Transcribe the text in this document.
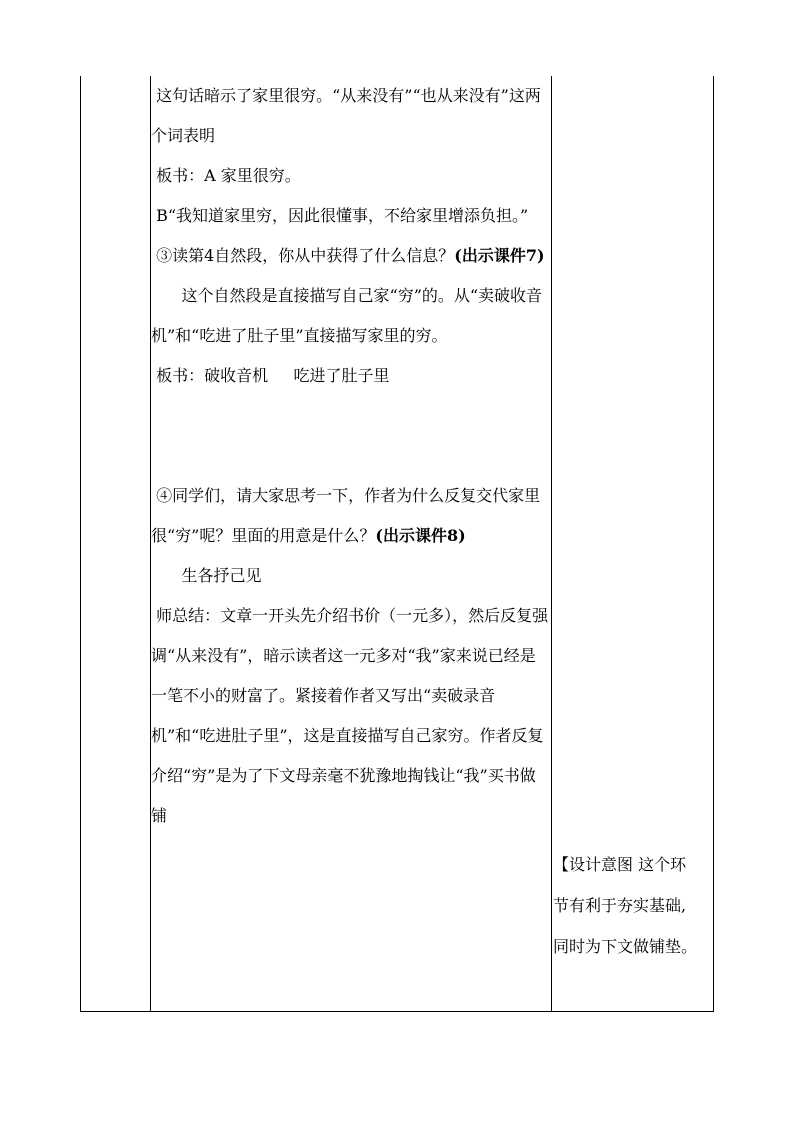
这句话暗示了家里很穷。“从来没有”“也从来没有”这两个词表明

板书：A 家里很穷。

B“我知道家里穷，因此很懂事，不给家里增添负担。”

③读第4自然段，你从中获得了什么信息？(出示课件7)

这个自然段是直接描写自己家“穷”的。从“卖破收音机”和“吃进了肚子里”直接描写家里的穷。

板书：破收音机     吃进了肚子里

④同学们，请大家思考一下，作者为什么反复交代家里很“穷”呢？里面的用意是什么？(出示课件8)

生各抒己见

师总结：文章一开头先介绍书价（一元多），然后反复强调“从来没有”，暗示读者这一元多对“我”家来说已经是一笔不小的财富了。紧接着作者又写出“卖破录音机”和“吃进肚子里”，这是直接描写自己家穷。作者反复介绍“穷”是为了下文母亲毫不犹豫地掏钱让“我”买书做铺

【设计意图 这个环

节有利于夯实基础,

同时为下文做铺垫。
